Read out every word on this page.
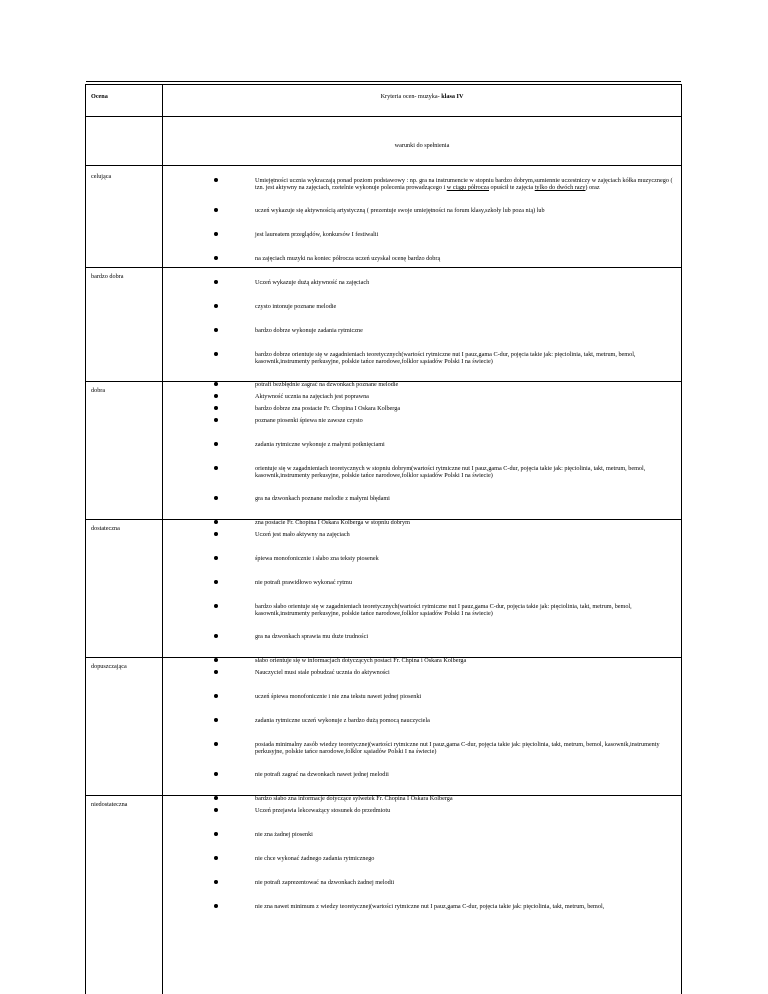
Ocena	Kryteria ocen- muzyka- klasa IV
warunki do spełnienia
celująca
Umiejętności ucznia wykraczają ponad poziom podstawowy : np. gra na instrumencie w stopniu bardzo dobrym,sumiennie uczestniczy w zajęciach kółka muzycznego ( tzn. jest aktywny na zajęciach, rzetelnie wykonuje polecenia prowadzącego i w ciągu półrocza opuścił te zajęcia tylko do dwóch razy) oraz
uczeń wykazuje się aktywnością artystyczną ( prezentuje swoje umiejętności na forum klasy,szkoły lub poza nią) lub
jest laureatem przeglądów, konkursów I festiwalii
na zajęciach muzyki na koniec półrocza uczeń uzyskał ocenę bardzo dobrą
bardzo dobra
Uczeń wykazuje dużą aktywność na zajęciach
czysto intonuje poznane melodie
bardzo dobrze wykonuje zadania rytmiczne
bardzo dobrze orientuje się w zagadnieniach teoretycznych(wartości rytmiczne nut I pauz,gama C-dur, pojęcia takie jak: pięciolinia, takt, metrum, bemol, kasownik,instrumenty perkusyjne, polskie tańce narodowe,folklor sąsiadów Polski I na świecie)
potrafi bezbłędnie zagrać na dzwonkach poznane melodie
bardzo dobrze zna postacie Fr. Chopina I Oskara Kolberga
dobra
Aktywność ucznia na zajęciach jest poprawna
poznane piosenki śpiewa nie zawsze czysto
zadania rytmiczne wykonuje z małymi potknięciami
orientuje się w zagadnieniach teoretycznych w stopniu dobrym(wartości rytmiczne nut I pauz,gama C-dur, pojęcia takie jak: pięciolinia, takt, metrum, bemol, kasownik,instrumenty perkusyjne, polskie tańce narodowe,folklor sąsiadów Polski I na świecie)
gra na dzwonkach poznane melodie z małymi błędami
zna postacie Fr. Chopina I Oskara Kolberga w stopniu dobrym
dostateczna
Uczeń jest mało aktywny na zajęciach
śpiewa monofonicznie i słabo zna teksty piosenek
nie potrafi prawidłowo wykonać rytmu
bardzo słabo orientuje się w zagadnieniach teoretycznych(wartości rytmiczne nut I pauz,gama C-dur, pojęcia takie jak: pięciolinia, takt, metrum, bemol, kasownik,instrumenty perkusyjne, polskie tańce narodowe,folklor sąsiadów Polski I na świecie)
gra na dzwonkach sprawia mu duże trudności
słabo orientuje się w informacjach dotyczących postaci Fr. Chpina i Oskara Kolberga
dopuszczająca
Nauczyciel musi stale pobudzać ucznia do aktywności
uczeń śpiewa monofonicznie i nie zna tekstu nawet jednej piosenki
zadania rytmiczne uczeń wykonuje z bardzo dużą pomocą nauczyciela
posiada minimalny zasób wiedzy teoretycznej(wartości rytmiczne nut I pauz,gama C-dur, pojęcia takie jak: pięciolinia, takt, metrum, bemol, kasownik,instrumenty perkusyjne, polskie tańce narodowe,folklor sąsiadów Polski I na świecie)
nie potrafi zagrać na dzwonkach nawet jednej melodii
bardzo słabo zna informacje dotyczące sylwetek Fr. Chopina I Oskara Kolberga
niedostateczna
Uczeń przejawia lekceważący stosunek do przedmiotu
nie zna żadnej piosenki
nie chce wykonać żadnego zadania rytmicznego
nie potrafi zaprezentować na dzwonkach żadnej melodii
nie zna nawet minimum z wiedzy teoretycznej(wartości rytmiczne nut I pauz,gama C-dur, pojęcia takie jak: pięciolinia, takt, metrum, bemol,
